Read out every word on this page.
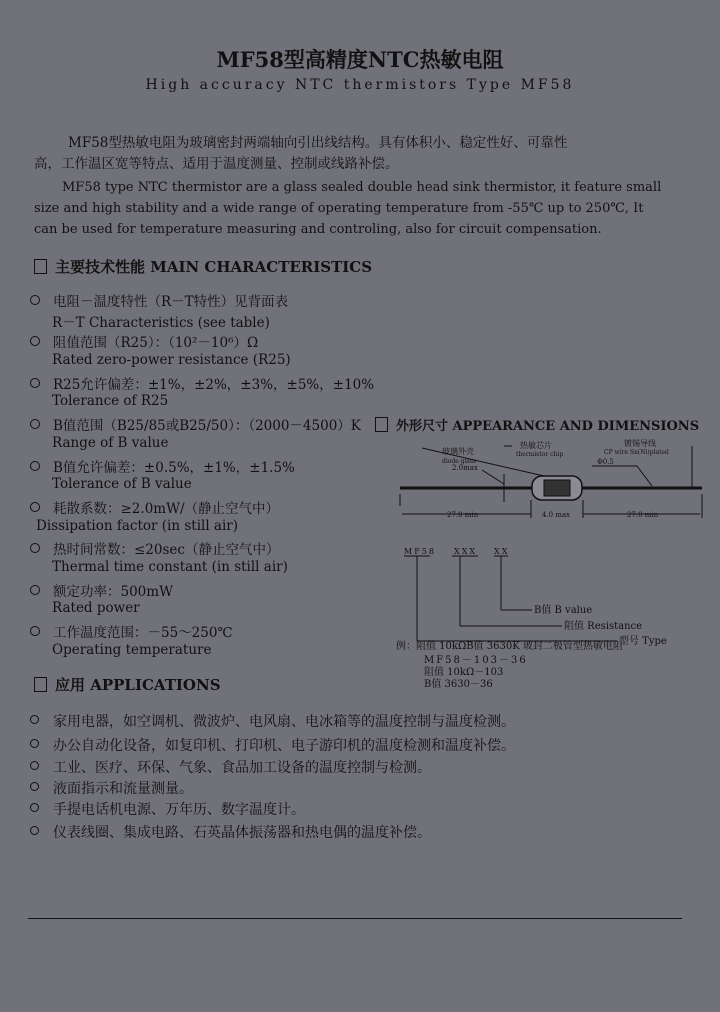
MF58型高精度NTC热敏电阻
High accuracy NTC thermistors Type MF58
MF58型热敏电阻为玻璃密封两端轴向引出线结构。具有体积小、稳定性好、可靠性
高，工作温区宽等特点、适用于温度测量、控制或线路补偿。
MF58 type NTC thermistor are a glass sealed double head sink thermistor, it feature small
size and high stability and a wide range of operating temperature from -55℃ up to 250℃, It
can be used for temperature measuring and controling, also for circuit compensation.
主要技术性能 MAIN CHARACTERISTICS
电阻－温度特性（R－T特性）见背面表
R－T Characteristics (see table)
阻值范围（R25）：（10²－10⁶）Ω
Rated zero-power resistance (R25)
R25允许偏差：±1%，±2%，±3%，±5%，±10%
Tolerance of R25
B值范围（B25/85或B25/50）：（2000－4500）K
Range of B value
B值允许偏差：±0.5%，±1%，±1.5%
Tolerance of B value
耗散系数：≥2.0mW/（静止空气中）
Dissipation factor (in still air)
热时间常数：≤20sec（静止空气中）
Thermal time constant (in still air)
额定功率：500mW
Rated power
工作温度范围：－55～250℃
Operating temperature
外形尺寸 APPEARANCE AND DIMENSIONS
玻璃外壳
diode glass
热敏芯片
thermistor chip
镀锡导线
CP wire Sn(Ni)plated
2.0max
Φ0.5
27.0 min	4.0 max	27.0 min
MF58 XXX XX
B值 B value
阻值 Resistance
型号 Type
例：阻值 10kΩB值 3630K 玻封二极管型热敏电阻
MF58－103－36
阻值 10kΩ－103
B值 3630－36
应用 APPLICATIONS
家用电器，如空调机、微波炉、电风扇、电冰箱等的温度控制与温度检测。
办公自动化设备，如复印机、打印机、电子游印机的温度检测和温度补偿。
工业、医疗、环保、气象、食品加工设备的温度控制与检测。
液面指示和流量测量。
手提电话机电源、万年历、数字温度计。
仪表线圈、集成电路、石英晶体振荡器和热电偶的温度补偿。
